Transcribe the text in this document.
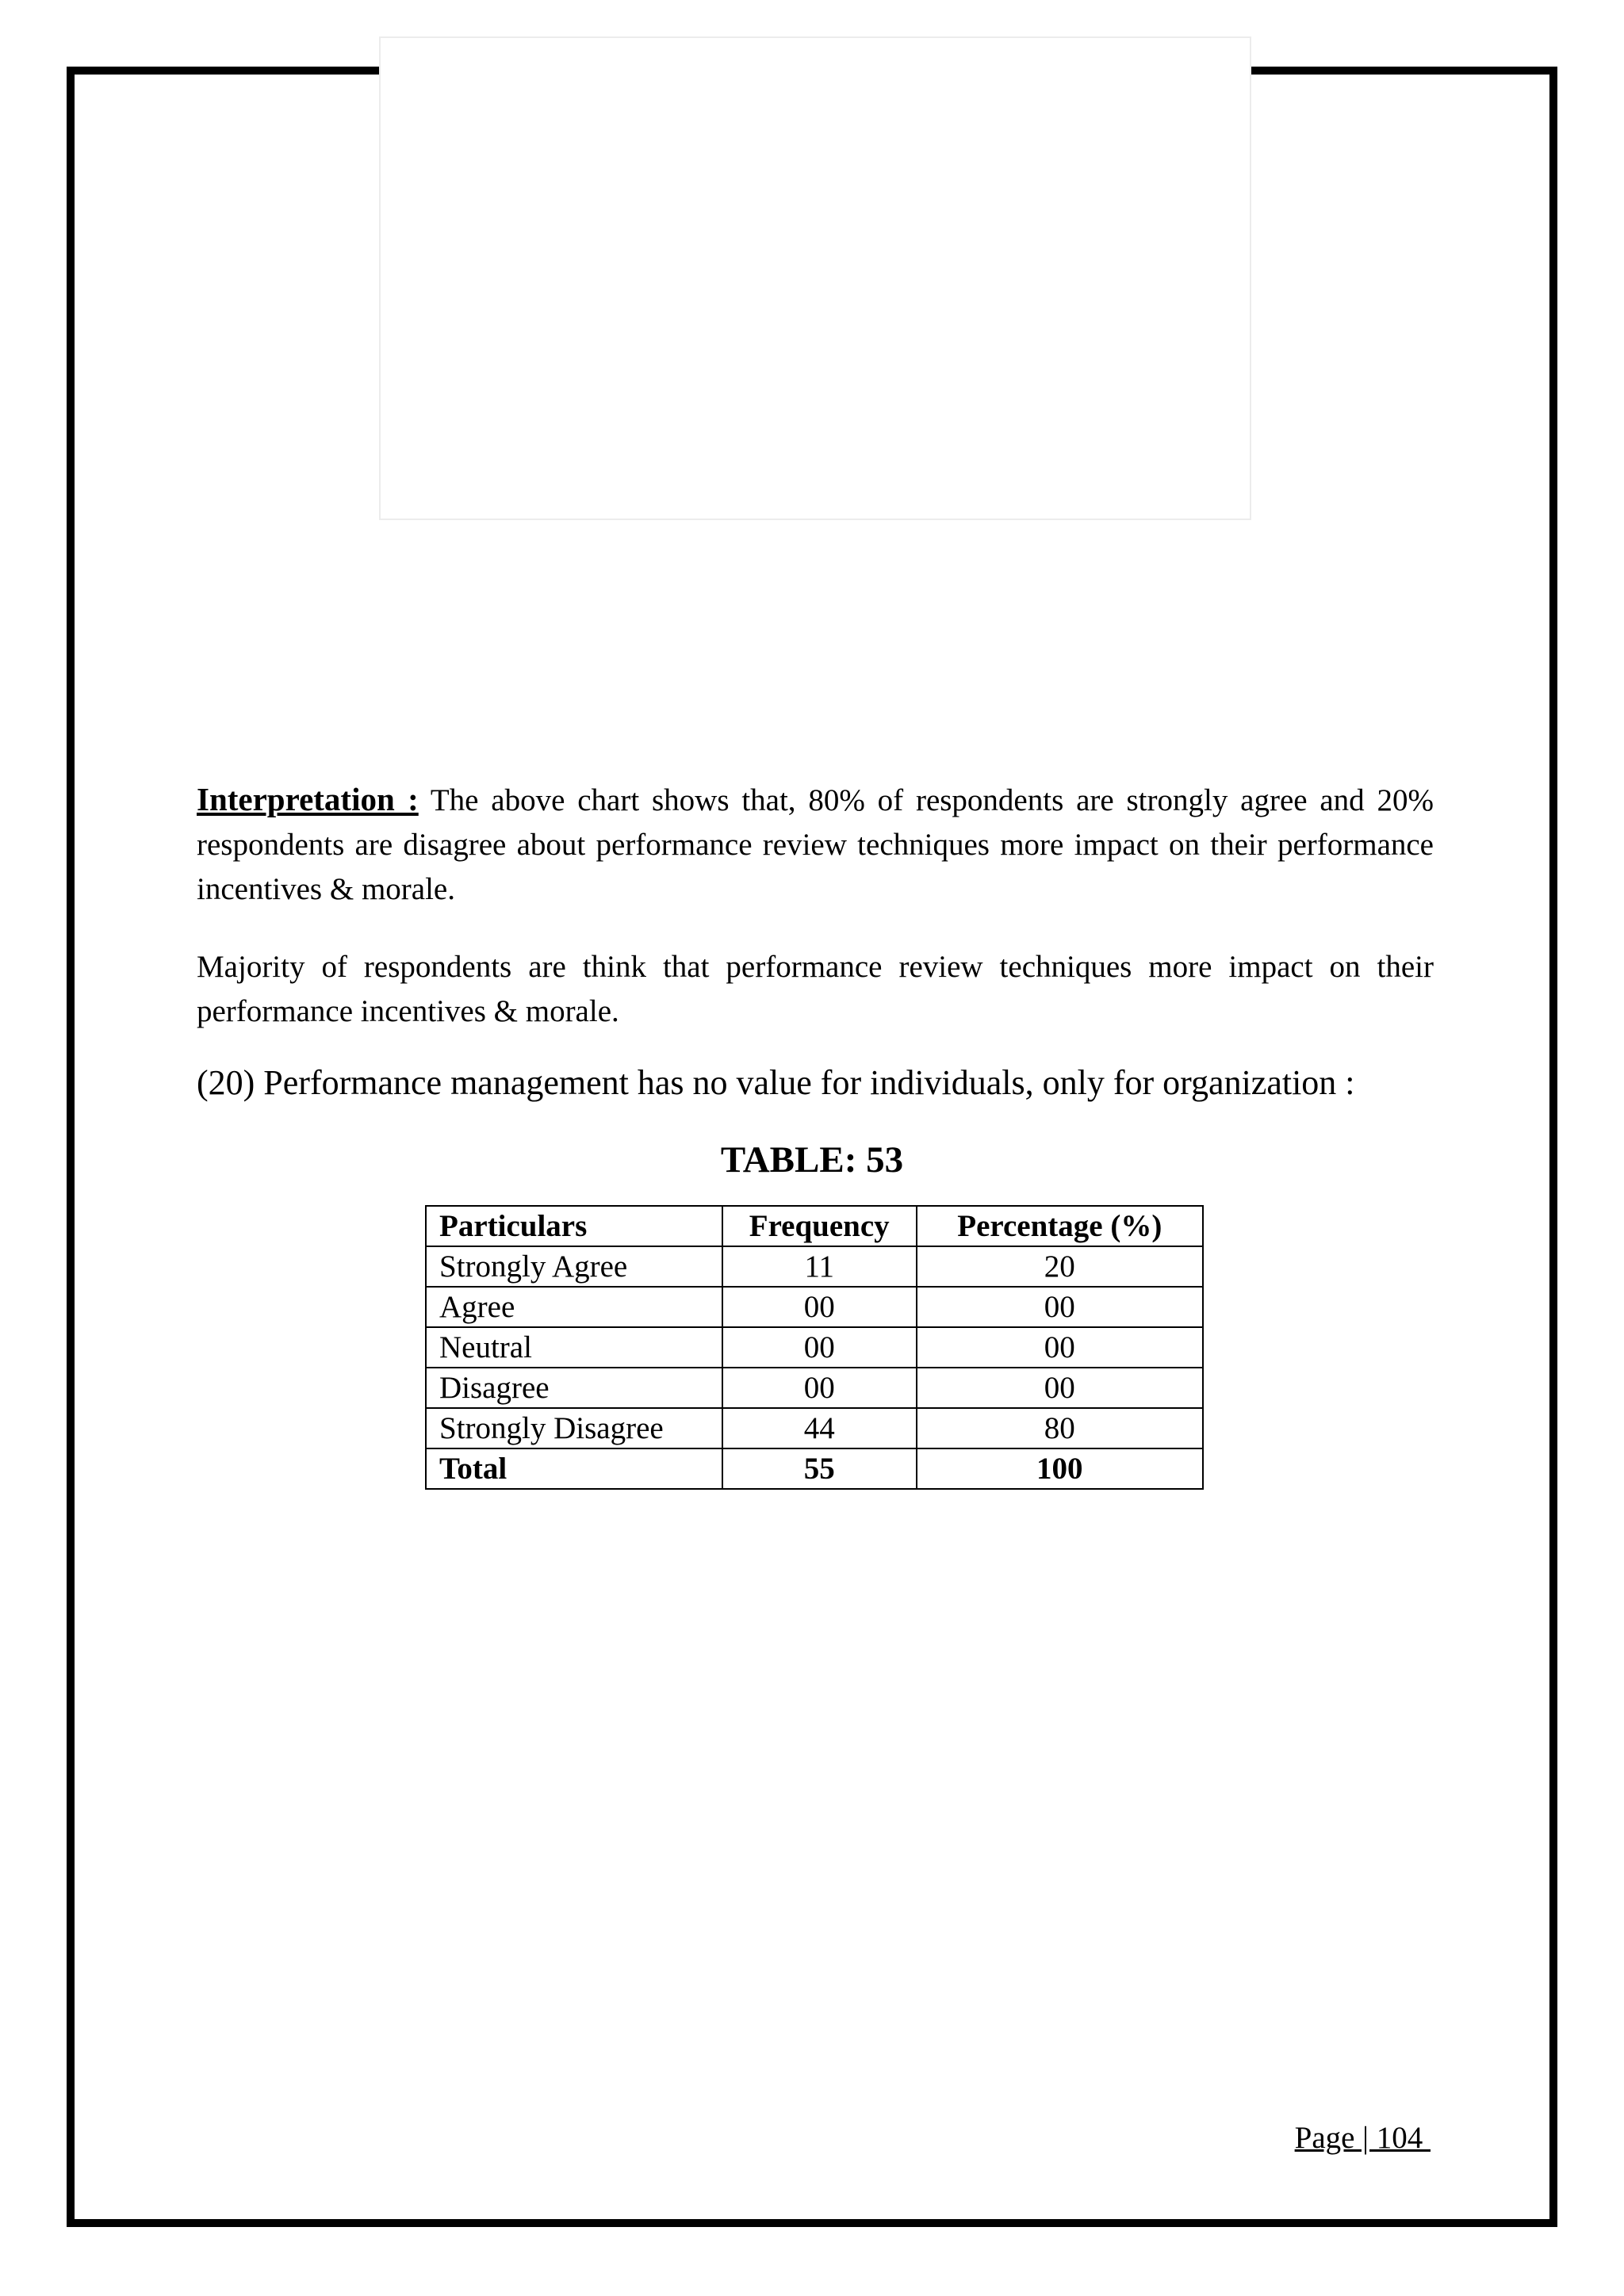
Interpretation : The above chart shows that, 80% of respondents are strongly agree and 20% respondents are disagree about performance review techniques more impact on their performance incentives & morale.

Majority of respondents are think that performance review techniques more impact on their performance incentives & morale.

(20) Performance management has no value for individuals, only for organization :

TABLE: 53

Particulars	Frequency	Percentage (%)
Strongly Agree	11	20
Agree	00	00
Neutral	00	00
Disagree	00	00
Strongly Disagree	44	80
Total	55	100
Page | 104
